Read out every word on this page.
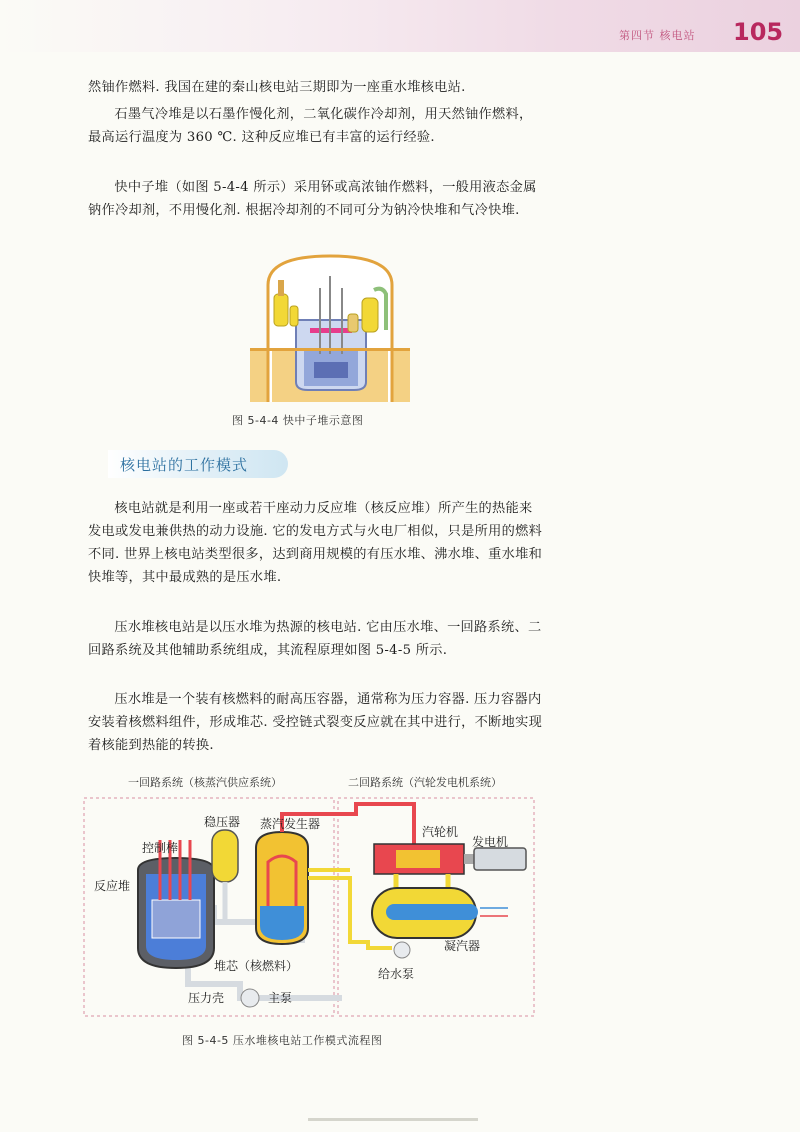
第四节 核电站 105

然铀作燃料. 我国在建的秦山核电站三期即为一座重水堆核电站.

石墨气冷堆是以石墨作慢化剂，二氧化碳作冷却剂，用天然铀作燃料，最高运行温度为 360 ℃. 这种反应堆已有丰富的运行经验.

快中子堆（如图 5-4-4 所示）采用钚或高浓铀作燃料，一般用液态金属钠作冷却剂，不用慢化剂. 根据冷却剂的不同可分为钠冷快堆和气冷快堆.

图 5-4-4 快中子堆示意图
核电站的工作模式

核电站就是利用一座或若干座动力反应堆（核反应堆）所产生的热能来发电或发电兼供热的动力设施. 它的发电方式与火电厂相似，只是所用的燃料不同. 世界上核电站类型很多，达到商用规模的有压水堆、沸水堆、重水堆和快堆等，其中最成熟的是压水堆.

压水堆核电站是以压水堆为热源的核电站. 它由压水堆、一回路系统、二回路系统及其他辅助系统组成，其流程原理如图 5-4-5 所示.

压水堆是一个装有核燃料的耐高压容器，通常称为压力容器. 压力容器内安装着核燃料组件，形成堆芯. 受控链式裂变反应就在其中进行，不断地实现着核能到热能的转换.

一回路系统（核蒸汽供应系统）	二回路系统（汽轮发电机系统）
稳压器 蒸汽发生器
控制棒
反应堆
堆芯（核燃料）
压力壳	主泵
汽轮机
发电机
凝汽器
给水泵
图 5-4-5 压水堆核电站工作模式流程图
